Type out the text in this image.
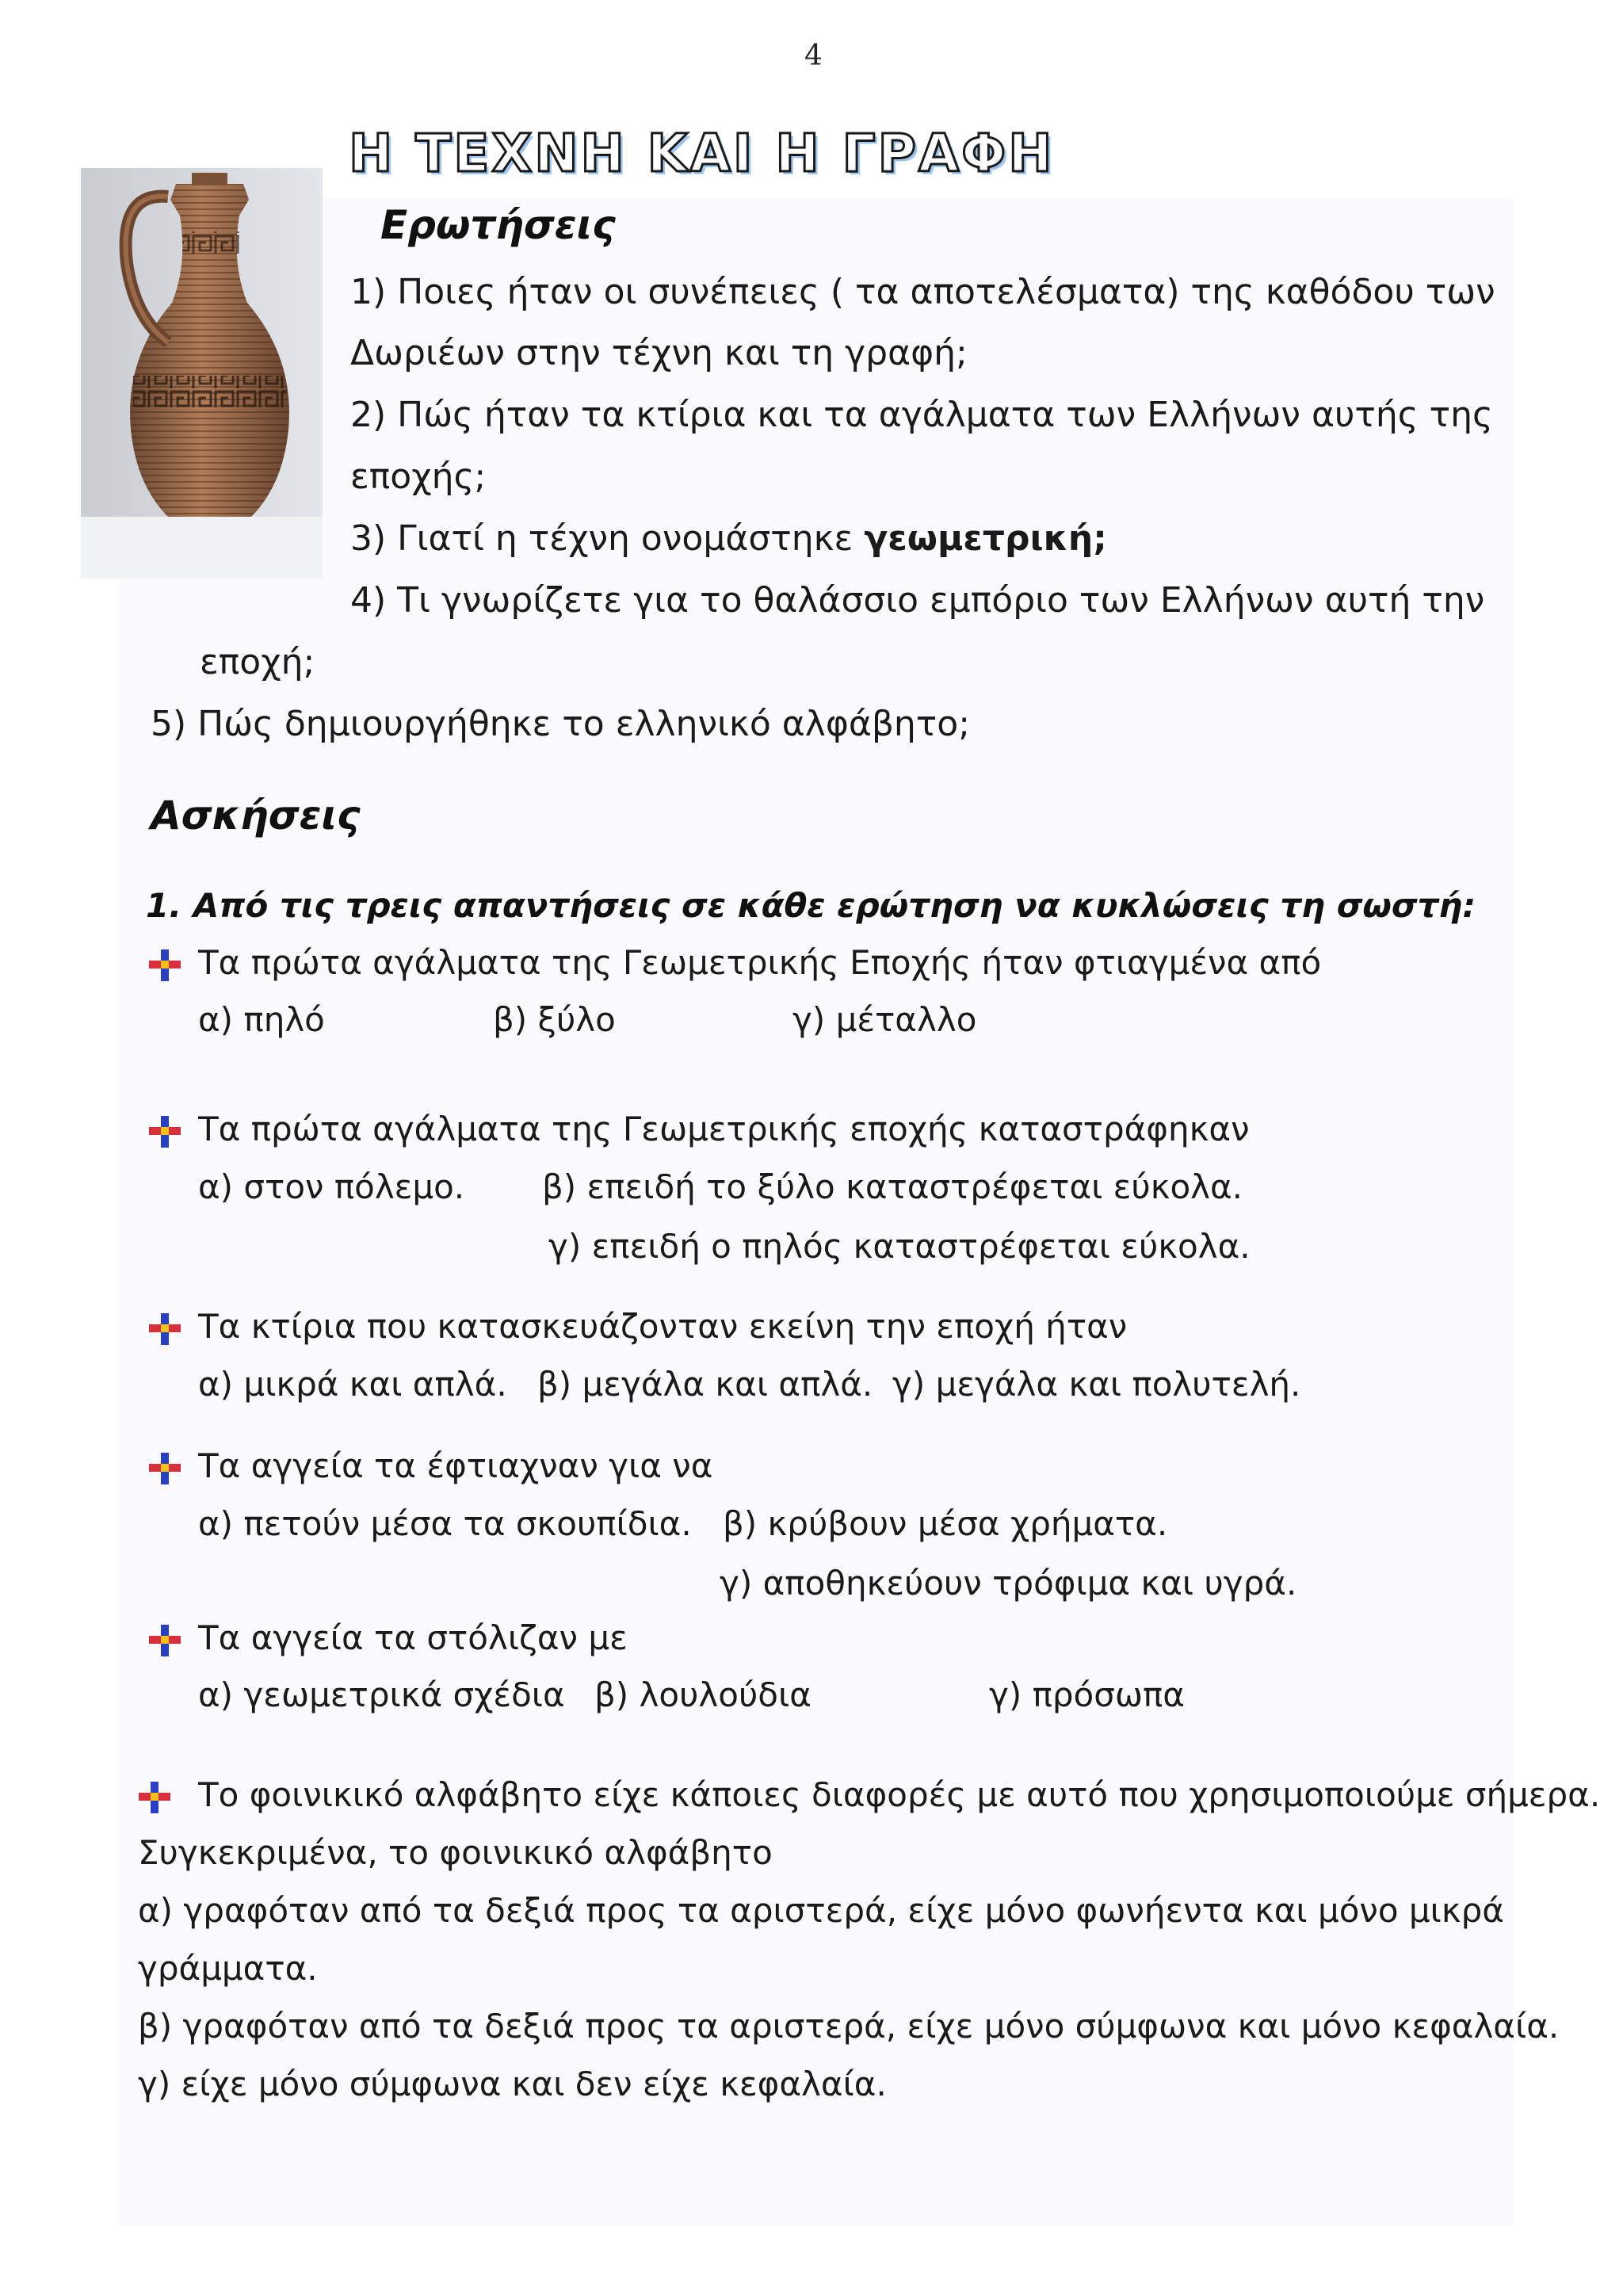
4
Η ΤΕΧΝΗ ΚΑΙ Η ΓΡΑΦΗ
Ερωτήσεις
1) Ποιες ήταν οι συνέπειες ( τα αποτελέσματα) της καθόδου των
Δωριέων στην τέχνη και τη γραφή;
2) Πώς ήταν τα κτίρια και τα αγάλματα των Ελλήνων αυτής της
εποχής;
3) Γιατί η τέχνη ονομάστηκε γεωμετρική;
4) Τι γνωρίζετε για το θαλάσσιο εμπόριο των Ελλήνων αυτή την
εποχή;
5) Πώς δημιουργήθηκε το ελληνικό αλφάβητο;
Ασκήσεις
1. Από τις τρεις απαντήσεις σε κάθε ερώτηση να κυκλώσεις τη σωστή:
Τα πρώτα αγάλματα της Γεωμετρικής Εποχής ήταν φτιαγμένα από
α) πηλό	β) ξύλο	γ) μέταλλο
Τα πρώτα αγάλματα της Γεωμετρικής εποχής καταστράφηκαν
α) στον πόλεμο. β) επειδή το ξύλο καταστρέφεται εύκολα.
γ) επειδή ο πηλός καταστρέφεται εύκολα.
Τα κτίρια που κατασκευάζονταν εκείνη την εποχή ήταν
α) μικρά και απλά. β) μεγάλα και απλά. γ) μεγάλα και πολυτελή.
Τα αγγεία τα έφτιαχναν για να
α) πετούν μέσα τα σκουπίδια. β) κρύβουν μέσα χρήματα.
γ) αποθηκεύουν τρόφιμα και υγρά.
Τα αγγεία τα στόλιζαν με
α) γεωμετρικά σχέδια β) λουλούδια	γ) πρόσωπα
Το φοινικικό αλφάβητο είχε κάποιες διαφορές με αυτό που χρησιμοποιούμε σήμερα.
Συγκεκριμένα, το φοινικικό αλφάβητο
α) γραφόταν από τα δεξιά προς τα αριστερά, είχε μόνο φωνήεντα και μόνο μικρά
γράμματα.
β) γραφόταν από τα δεξιά προς τα αριστερά, είχε μόνο σύμφωνα και μόνο κεφαλαία.
γ) είχε μόνο σύμφωνα και δεν είχε κεφαλαία.
